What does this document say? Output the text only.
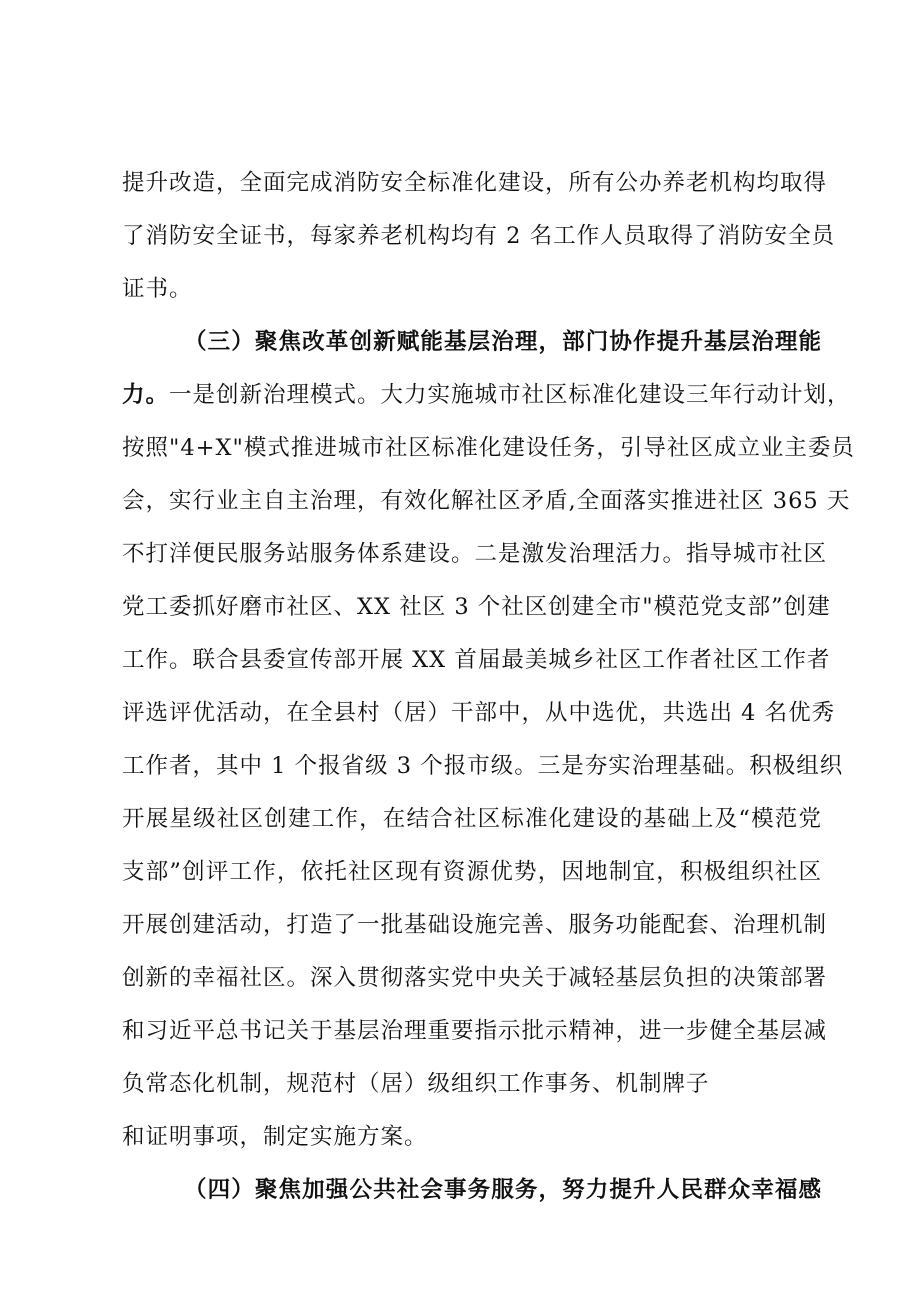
提升改造，全面完成消防安全标准化建设，所有公办养老机构均取得
了消防安全证书，每家养老机构均有 2 名工作人员取得了消防安全员
证书。
（三）聚焦改革创新赋能基层治理，部门协作提升基层治理能
力。一是创新治理模式。大力实施城市社区标准化建设三年行动计划，
按照"4+X"模式推进城市社区标准化建设任务，引导社区成立业主委员
会，实行业主自主治理，有效化解社区矛盾,全面落实推进社区 365 天
不打洋便民服务站服务体系建设。二是激发治理活力。指导城市社区
党工委抓好磨市社区、XX 社区 3 个社区创建全市"模范党支部”创建
工作。联合县委宣传部开展 XX 首届最美城乡社区工作者社区工作者
评选评优活动，在全县村（居）干部中，从中选优，共选出 4 名优秀
工作者，其中 1 个报省级 3 个报市级。三是夯实治理基础。积极组织
开展星级社区创建工作，在结合社区标准化建设的基础上及“模范党
支部”创评工作，依托社区现有资源优势，因地制宜，积极组织社区
开展创建活动，打造了一批基础设施完善、服务功能配套、治理机制
创新的幸福社区。深入贯彻落实党中央关于减轻基层负担的决策部署
和习近平总书记关于基层治理重要指示批示精神，进一步健全基层减
负常态化机制，规范村（居）级组织工作事务、机制牌子
和证明事项，制定实施方案。
（四）聚焦加强公共社会事务服务，努力提升人民群众幸福感
